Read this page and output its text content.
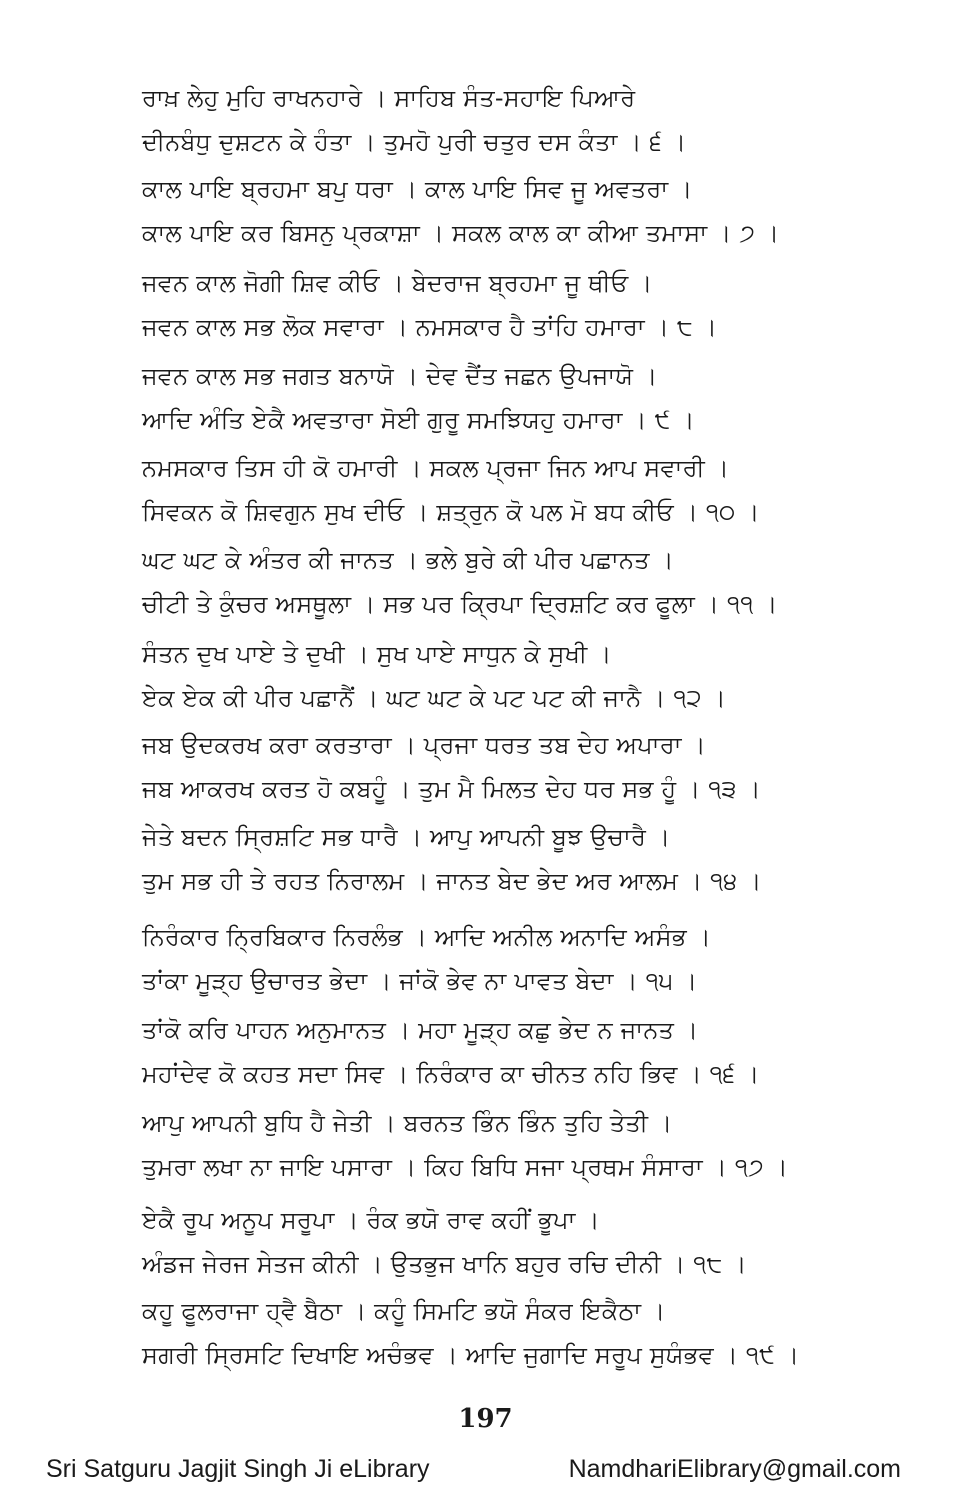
ਰਾਖ਼ ਲੇਹੁ ਮੁਹਿ ਰਾਖਨਹਾਰੇ । ਸਾਹਿਬ ਸੰਤ-ਸਹਾਇ ਪਿਆਰੇ
ਦੀਨਬੰਧੁ ਦੁਸ਼ਟਨ ਕੇ ਹੰਤਾ । ਤੁਮਹੋ ਪੁਰੀ ਚਤੁਰ ਦਸ ਕੰਤਾ । ੬ ।
ਕਾਲ ਪਾਇ ਬ੍ਰਹਮਾ ਬਪੁ ਧਰਾ । ਕਾਲ ਪਾਇ ਸਿਵ ਜੂ ਅਵਤਰਾ ।
ਕਾਲ ਪਾਇ ਕਰ ਬਿਸਨੁ ਪ੍ਰਕਾਸ਼ਾ । ਸਕਲ ਕਾਲ ਕਾ ਕੀਆ ਤਮਾਸਾ । ੭ ।
ਜਵਨ ਕਾਲ ਜੋਗੀ ਸ਼ਿਵ ਕੀਓ । ਬੇਦਰਾਜ ਬ੍ਰਹਮਾ ਜੂ ਥੀਓ ।
ਜਵਨ ਕਾਲ ਸਭ ਲੋਕ ਸਵਾਰਾ । ਨਮਸਕਾਰ ਹੈ ਤਾਂਹਿ ਹਮਾਰਾ । ੮ ।
ਜਵਨ ਕਾਲ ਸਭ ਜਗਤ ਬਨਾਯੋ । ਦੇਵ ਦੈਂਤ ਜਛਨ ਉਪਜਾਯੋ ।
ਆਦਿ ਅੰਤਿ ਏਕੈ ਅਵਤਾਰਾ ਸੋਈ ਗੁਰੂ ਸਮਝਿਯਹੁ ਹਮਾਰਾ । ੯ ।
ਨਮਸਕਾਰ ਤਿਸ ਹੀ ਕੋ ਹਮਾਰੀ । ਸਕਲ ਪ੍ਰਜਾ ਜਿਨ ਆਪ ਸਵਾਰੀ ।
ਸਿਵਕਨ ਕੋ ਸ਼ਿਵਗੁਨ ਸੁਖ ਦੀਓ । ਸ਼ਤ੍ਰੁਨ ਕੋ ਪਲ ਮੋ ਬਧ ਕੀਓ । ੧੦ ।
ਘਟ ਘਟ ਕੇ ਅੰਤਰ ਕੀ ਜਾਨਤ । ਭਲੇ ਬੁਰੇ ਕੀ ਪੀਰ ਪਛਾਨਤ ।
ਚੀਟੀ ਤੇ ਕੁੰਚਰ ਅਸਥੂਲਾ । ਸਭ ਪਰ ਕ੍ਰਿਪਾ ਦ੍ਰਿਸ਼ਟਿ ਕਰ ਫੂਲਾ । ੧੧ ।
ਸੰਤਨ ਦੁਖ ਪਾਏ ਤੇ ਦੁਖੀ । ਸੁਖ ਪਾਏ ਸਾਧੁਨ ਕੇ ਸੁਖੀ ।
ਏਕ ਏਕ ਕੀ ਪੀਰ ਪਛਾਨੈਂ । ਘਟ ਘਟ ਕੇ ਪਟ ਪਟ ਕੀ ਜਾਨੈ । ੧੨ ।
ਜਬ ਉਦਕਰਖ ਕਰਾ ਕਰਤਾਰਾ । ਪ੍ਰਜਾ ਧਰਤ ਤਬ ਦੇਹ ਅਪਾਰਾ ।
ਜਬ ਆਕਰਖ ਕਰਤ ਹੋ ਕਬਹੂੰ । ਤੁਮ ਮੈ ਮਿਲਤ ਦੇਹ ਧਰ ਸਭ ਹੂੰ । ੧੩ ।
ਜੇਤੇ ਬਦਨ ਸ੍ਰਿਸ਼ਟਿ ਸਭ ਧਾਰੈ । ਆਪੁ ਆਪਨੀ ਬੂਝ ਉਚਾਰੈ ।
ਤੁਮ ਸਭ ਹੀ ਤੇ ਰਹਤ ਨਿਰਾਲਮ । ਜਾਨਤ ਬੇਦ ਭੇਦ ਅਰ ਆਲਮ । ੧੪ ।
ਨਿਰੰਕਾਰ ਨ੍ਰਿਬਿਕਾਰ ਨਿਰਲੰਭ । ਆਦਿ ਅਨੀਲ ਅਨਾਦਿ ਅਸੰਭ ।
ਤਾਂਕਾ ਮੂੜ੍ਹ ਉਚਾਰਤ ਭੇਦਾ । ਜਾਂਕੋ ਭੇਵ ਨਾ ਪਾਵਤ ਬੇਦਾ । ੧੫ ।
ਤਾਂਕੋ ਕਰਿ ਪਾਹਨ ਅਨੁਮਾਨਤ । ਮਹਾ ਮੂੜ੍ਹ ਕਛੁ ਭੇਦ ਨ ਜਾਨਤ ।
ਮਹਾਂਦੇਵ ਕੋ ਕਹਤ ਸਦਾ ਸਿਵ । ਨਿਰੰਕਾਰ ਕਾ ਚੀਨਤ ਨਹਿ ਭਿਵ । ੧੬ ।
ਆਪੁ ਆਪਨੀ ਬੁਧਿ ਹੈ ਜੇਤੀ । ਬਰਨਤ ਭਿੰਨ ਭਿੰਨ ਤੁਹਿ ਤੇਤੀ ।
ਤੁਮਰਾ ਲਖਾ ਨਾ ਜਾਇ ਪਸਾਰਾ । ਕਿਹ ਬਿਧਿ ਸਜਾ ਪ੍ਰਥਮ ਸੰਸਾਰਾ । ੧੭ ।
ਏਕੈ ਰੂਪ ਅਨੂਪ ਸਰੂਪਾ । ਰੰਕ ਭਯੋ ਰਾਵ ਕਹੀਂ ਭੂਪਾ ।
ਅੰਡਜ ਜੇਰਜ ਸੇਤਜ ਕੀਨੀ । ਉਤਭੁਜ ਖਾਨਿ ਬਹੁਰ ਰਚਿ ਦੀਨੀ । ੧੮ ।
ਕਹੂ ਫੂਲਰਾਜਾ ਹ੍ਵੈ ਬੈਠਾ । ਕਹੂੰ ਸਿਮਟਿ ਭਯੋ ਸੰਕਰ ਇਕੈਠਾ ।
ਸਗਰੀ ਸ੍ਰਿਸਟਿ ਦਿਖਾਇ ਅਚੰਭਵ । ਆਦਿ ਜੁਗਾਦਿ ਸਰੂਪ ਸੁਯੰਭਵ । ੧੯ ।
197
Sri Satguru Jagjit Singh Ji eLibrary	NamdhariElibrary@gmail.com
